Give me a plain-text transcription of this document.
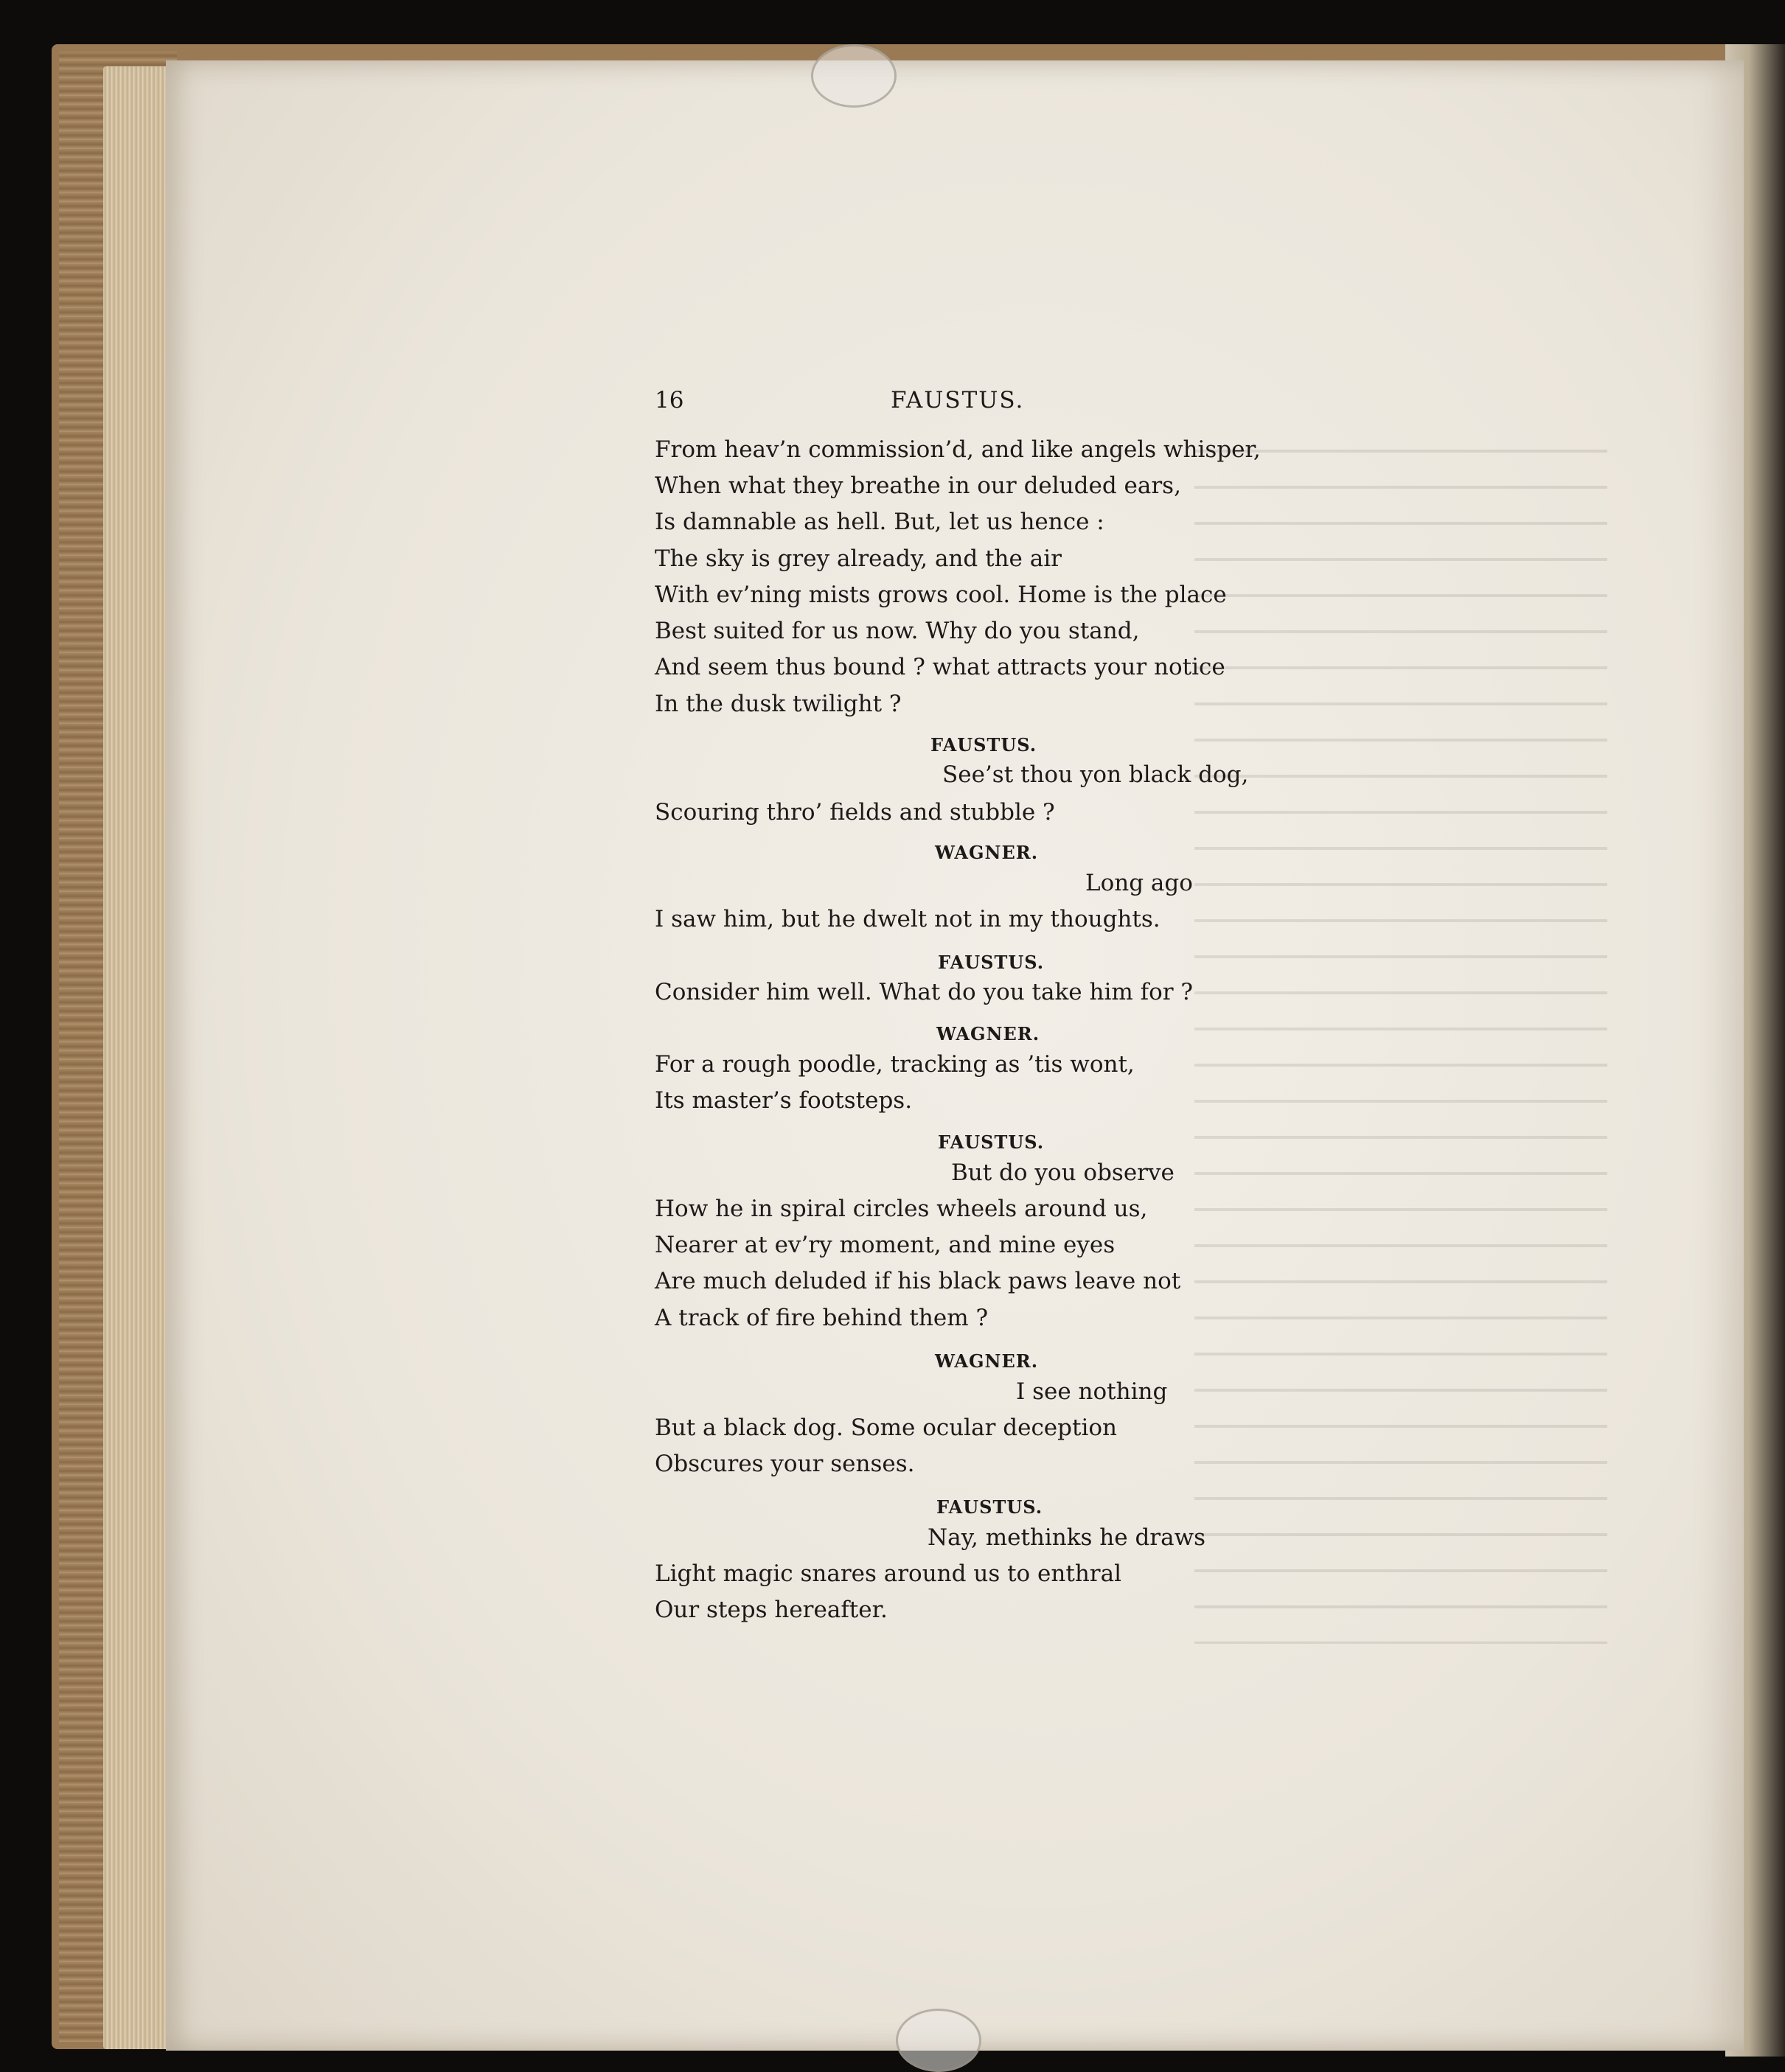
16	FAUSTUS.
From heav’n commission’d, and like angels whisper,
When what they breathe in our deluded ears,
Is damnable as hell. But, let us hence :
The sky is grey already, and the air
With ev’ning mists grows cool. Home is the place
Best suited for us now. Why do you stand,
And seem thus bound ? what attracts your notice
In the dusk twilight ?
FAUSTUS.
See’st thou yon black dog,
Scouring thro’ fields and stubble ?
WAGNER.
Long ago
I saw him, but he dwelt not in my thoughts.
FAUSTUS.
Consider him well. What do you take him for ?
WAGNER.
For a rough poodle, tracking as ’tis wont,
Its master’s footsteps.
FAUSTUS.
But do you observe
How he in spiral circles wheels around us,
Nearer at ev’ry moment, and mine eyes
Are much deluded if his black paws leave not
A track of fire behind them ?
WAGNER.
I see nothing
But a black dog. Some ocular deception
Obscures your senses.
FAUSTUS.
Nay, methinks he draws
Light magic snares around us to enthral
Our steps hereafter.
